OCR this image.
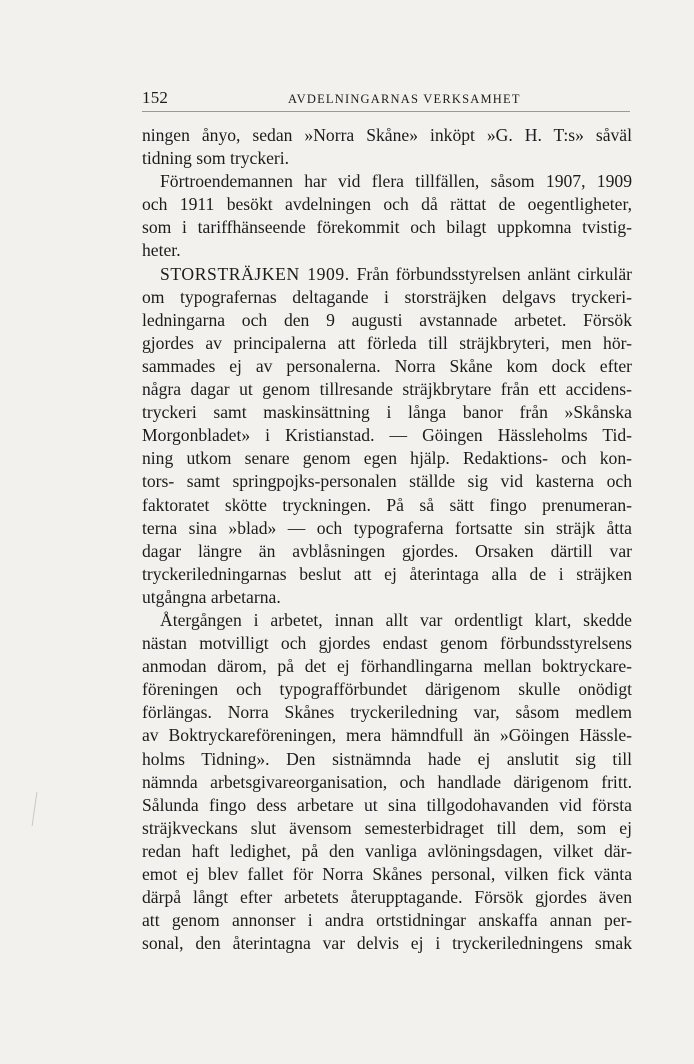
152	AVDELNINGARNAS VERKSAMHET
ningen ånyo, sedan »Norra Skåne» inköpt »G. H. T:s» såväl
tidning som tryckeri.
Förtroendemannen har vid flera tillfällen, såsom 1907, 1909
och 1911 besökt avdelningen och då rättat de oegentligheter,
som i tariffhänseende förekommit och bilagt uppkomna tvistig-
heter.
STORSTRÄJKEN 1909. Från förbundsstyrelsen anlänt cirkulär
om typografernas deltagande i storsträjken delgavs tryckeri-
ledningarna och den 9 augusti avstannade arbetet. Försök
gjordes av principalerna att förleda till sträjkbryteri, men hör-
sammades ej av personalerna. Norra Skåne kom dock efter
några dagar ut genom tillresande sträjkbrytare från ett accidens-
tryckeri samt maskinsättning i långa banor från »Skånska
Morgonbladet» i Kristianstad. — Göingen Hässleholms Tid-
ning utkom senare genom egen hjälp. Redaktions- och kon-
tors- samt springpojks-personalen ställde sig vid kasterna och
faktoratet skötte tryckningen. På så sätt fingo prenumeran-
terna sina »blad» — och typograferna fortsatte sin sträjk åtta
dagar längre än avblåsningen gjordes. Orsaken därtill var
tryckeriledningarnas beslut att ej återintaga alla de i sträjken
utgångna arbetarna.
Återgången i arbetet, innan allt var ordentligt klart, skedde
nästan motvilligt och gjordes endast genom förbundsstyrelsens
anmodan därom, på det ej förhandlingarna mellan boktryckare-
föreningen och typografförbundet därigenom skulle onödigt
förlängas. Norra Skånes tryckeriledning var, såsom medlem
av Boktryckareföreningen, mera hämndfull än »Göingen Hässle-
holms Tidning». Den sistnämnda hade ej anslutit sig till
nämnda arbetsgivareorganisation, och handlade därigenom fritt.
Sålunda fingo dess arbetare ut sina tillgodohavanden vid första
sträjkveckans slut ävensom semesterbidraget till dem, som ej
redan haft ledighet, på den vanliga avlöningsdagen, vilket där-
emot ej blev fallet för Norra Skånes personal, vilken fick vänta
därpå långt efter arbetets återupptagande. Försök gjordes även
att genom annonser i andra ortstidningar anskaffa annan per-
sonal, den återintagna var delvis ej i tryckeriledningens smak
